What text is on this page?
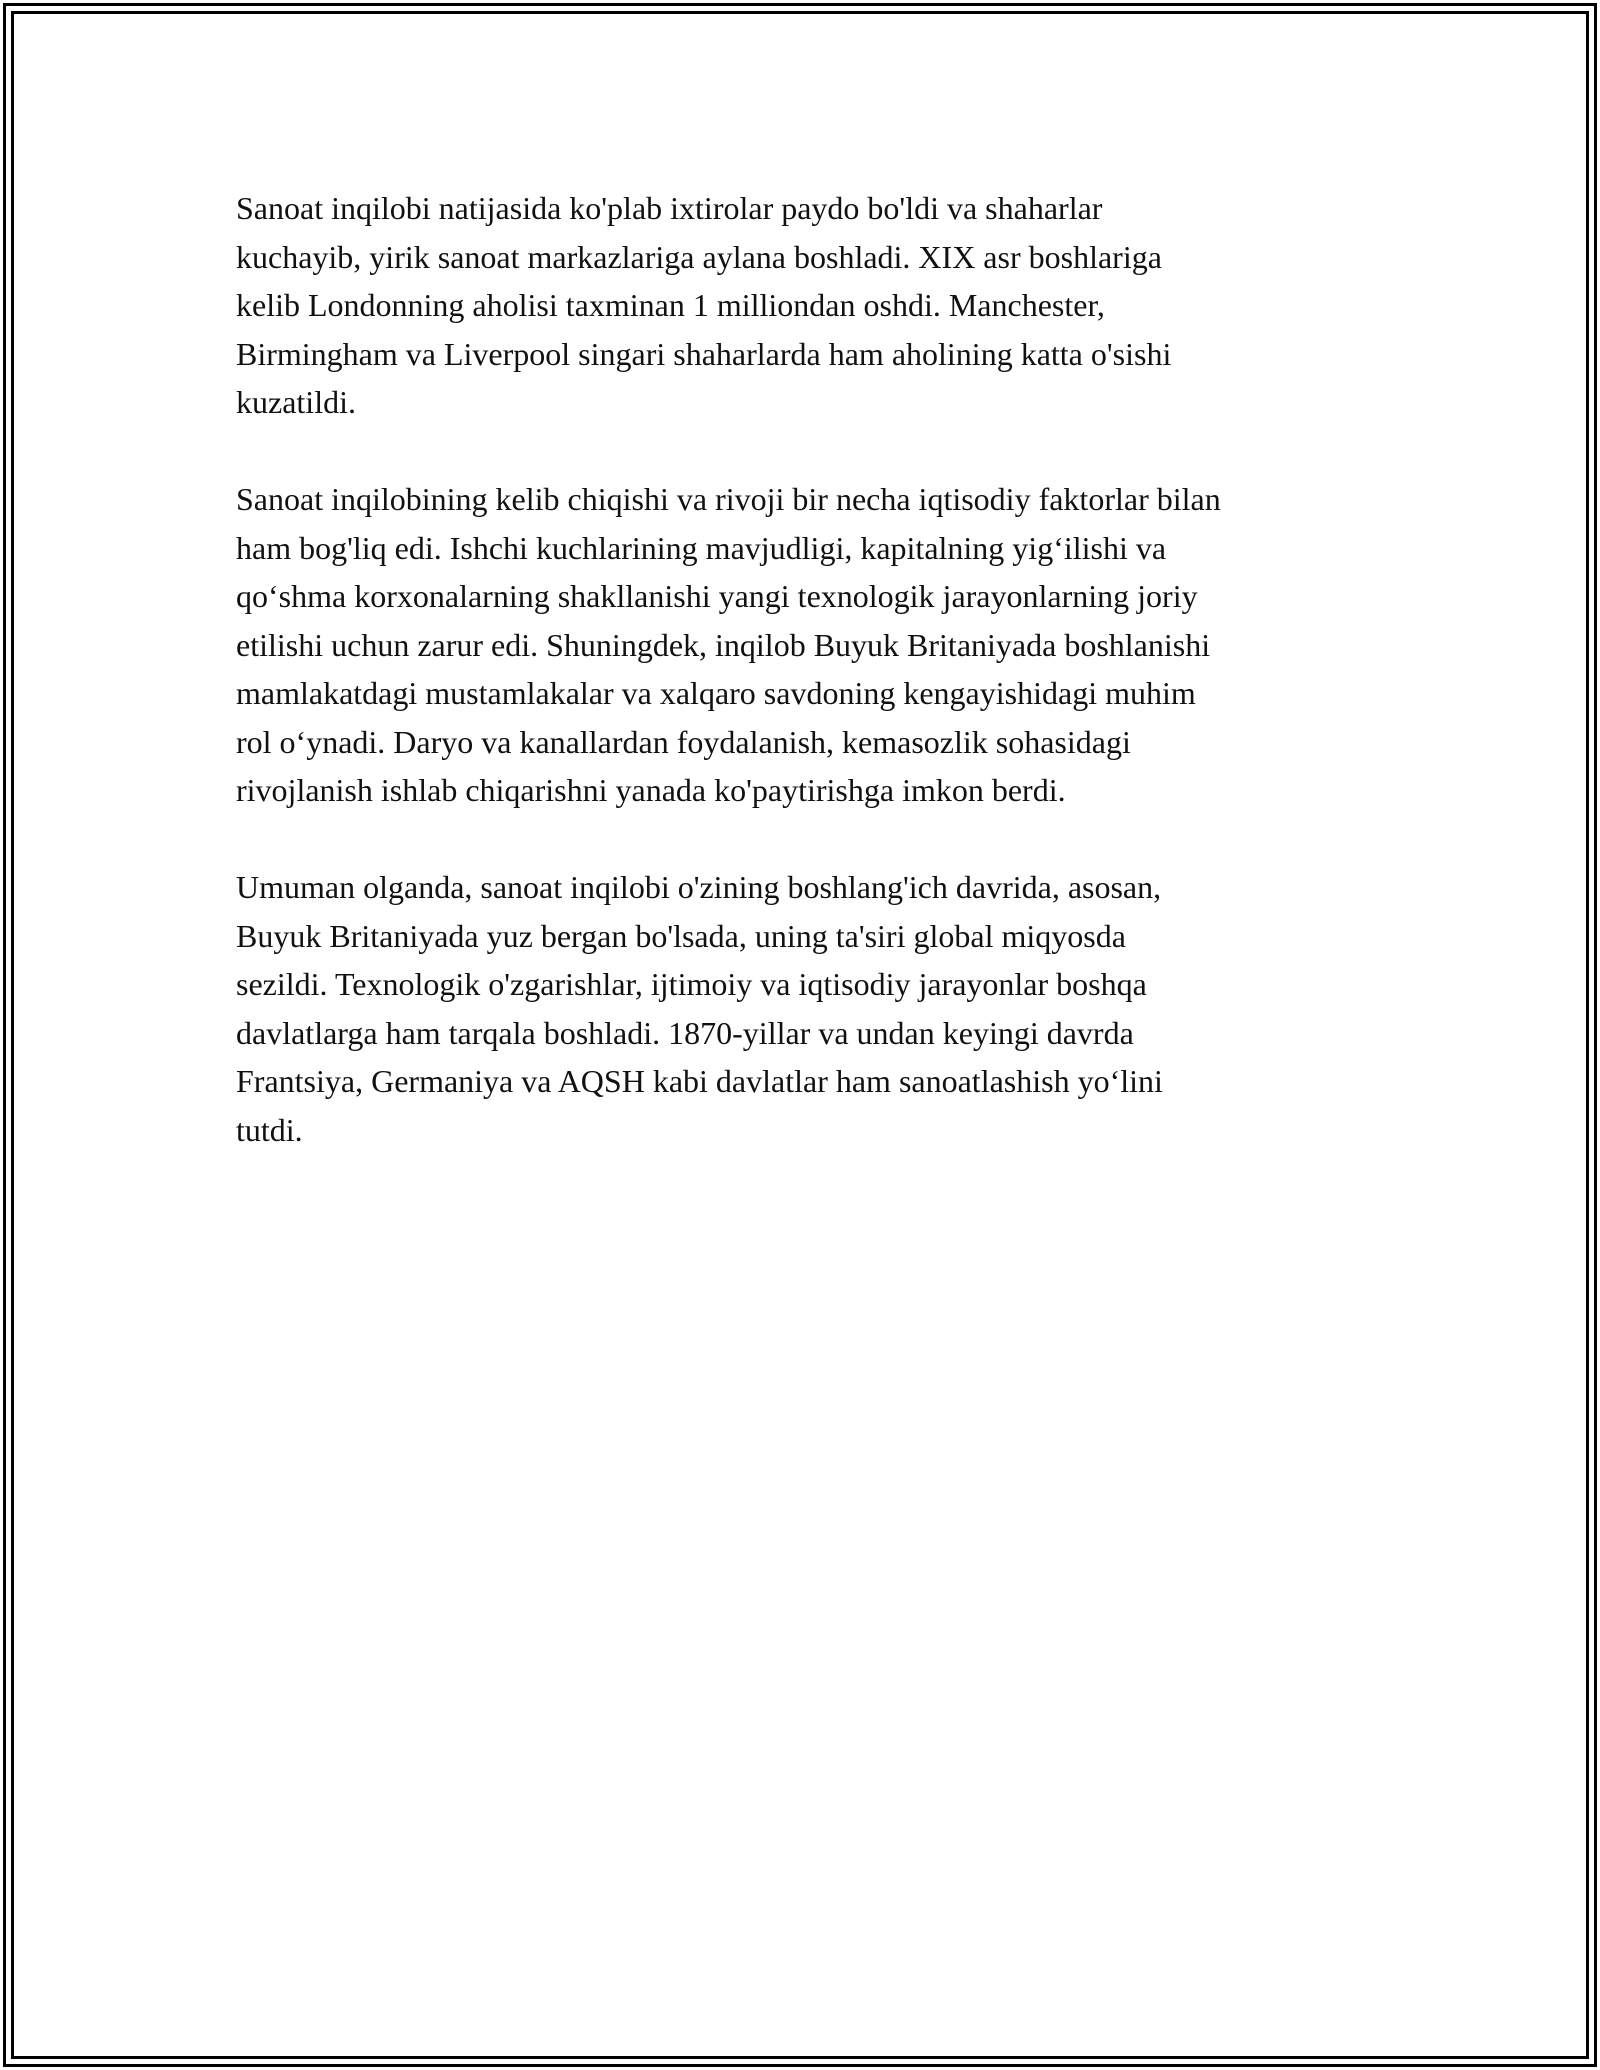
Sanoat inqilobi natijasida ko'plab ixtirolar paydo bo'ldi va shaharlar
kuchayib, yirik sanoat markazlariga aylana boshladi. XIX asr boshlariga
kelib Londonning aholisi taxminan 1 milliondan oshdi. Manchester,
Birmingham va Liverpool singari shaharlarda ham aholining katta o'sishi
kuzatildi.

Sanoat inqilobining kelib chiqishi va rivoji bir necha iqtisodiy faktorlar bilan
ham bog'liq edi. Ishchi kuchlarining mavjudligi, kapitalning yig‘ilishi va
qo‘shma korxonalarning shakllanishi yangi texnologik jarayonlarning joriy
etilishi uchun zarur edi. Shuningdek, inqilob Buyuk Britaniyada boshlanishi
mamlakatdagi mustamlakalar va xalqaro savdoning kengayishidagi muhim
rol o‘ynadi. Daryo va kanallardan foydalanish, kemasozlik sohasidagi
rivojlanish ishlab chiqarishni yanada ko'paytirishga imkon berdi.

Umuman olganda, sanoat inqilobi o'zining boshlang'ich davrida, asosan,
Buyuk Britaniyada yuz bergan bo'lsada, uning ta'siri global miqyosda
sezildi. Texnologik o'zgarishlar, ijtimoiy va iqtisodiy jarayonlar boshqa
davlatlarga ham tarqala boshladi. 1870-yillar va undan keyingi davrda
Frantsiya, Germaniya va AQSH kabi davlatlar ham sanoatlashish yo‘lini
tutdi.
